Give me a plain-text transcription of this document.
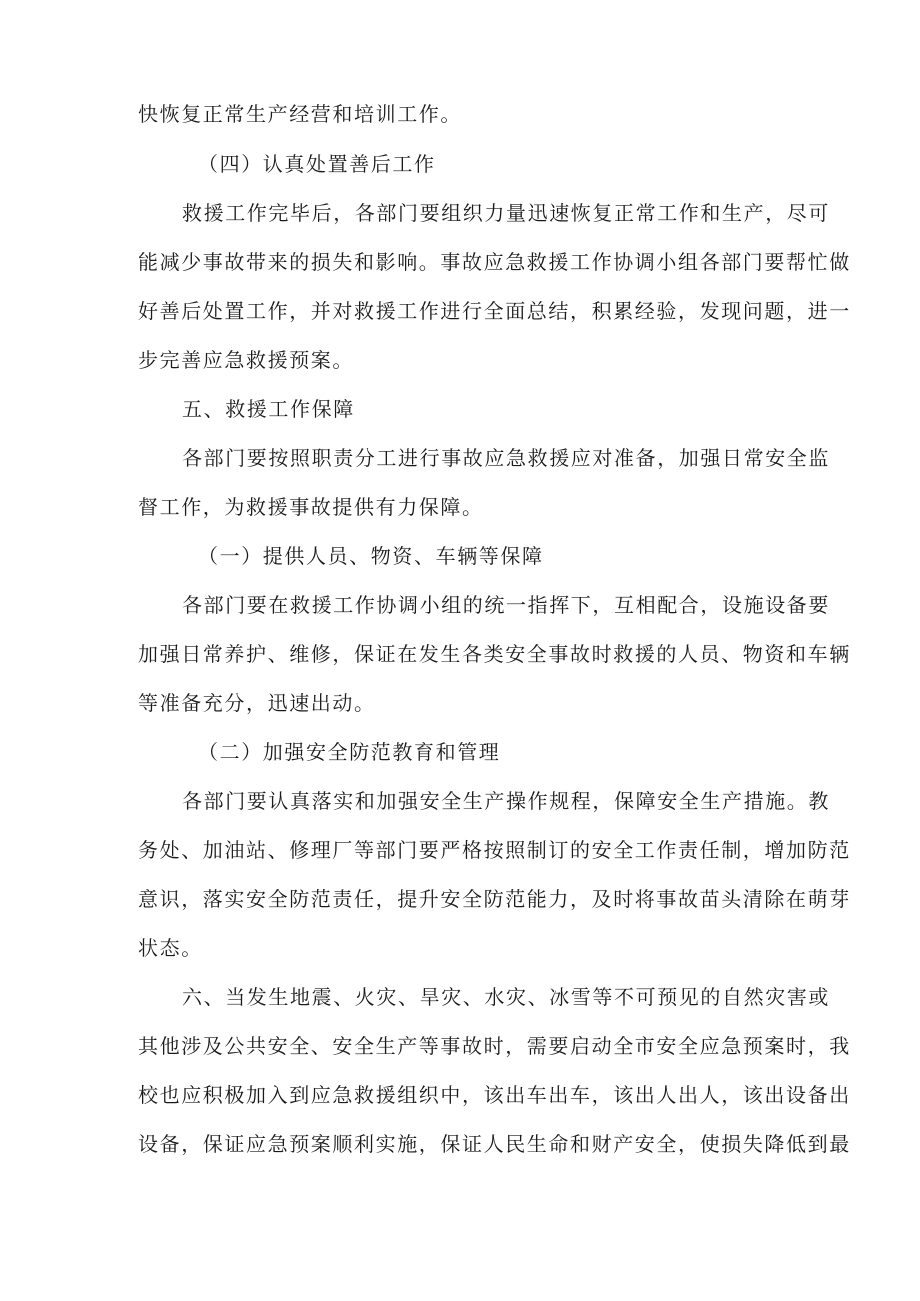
快恢复正常生产经营和培训工作。
（四）认真处置善后工作
救援工作完毕后，各部门要组织力量迅速恢复正常工作和生产，尽可
能减少事故带来的损失和影响。事故应急救援工作协调小组各部门要帮忙做
好善后处置工作，并对救援工作进行全面总结，积累经验，发现问题，进一
步完善应急救援预案。
五、救援工作保障
各部门要按照职责分工进行事故应急救援应对准备，加强日常安全监
督工作，为救援事故提供有力保障。
（一）提供人员、物资、车辆等保障
各部门要在救援工作协调小组的统一指挥下，互相配合，设施设备要
加强日常养护、维修，保证在发生各类安全事故时救援的人员、物资和车辆
等准备充分，迅速出动。
（二）加强安全防范教育和管理
各部门要认真落实和加强安全生产操作规程，保障安全生产措施。教
务处、加油站、修理厂等部门要严格按照制订的安全工作责任制，增加防范
意识，落实安全防范责任，提升安全防范能力，及时将事故苗头清除在萌芽
状态。
六、当发生地震、火灾、旱灾、水灾、冰雪等不可预见的自然灾害或
其他涉及公共安全、安全生产等事故时，需要启动全市安全应急预案时，我
校也应积极加入到应急救援组织中，该出车出车，该出人出人，该出设备出
设备，保证应急预案顺利实施，保证人民生命和财产安全，使损失降低到最
